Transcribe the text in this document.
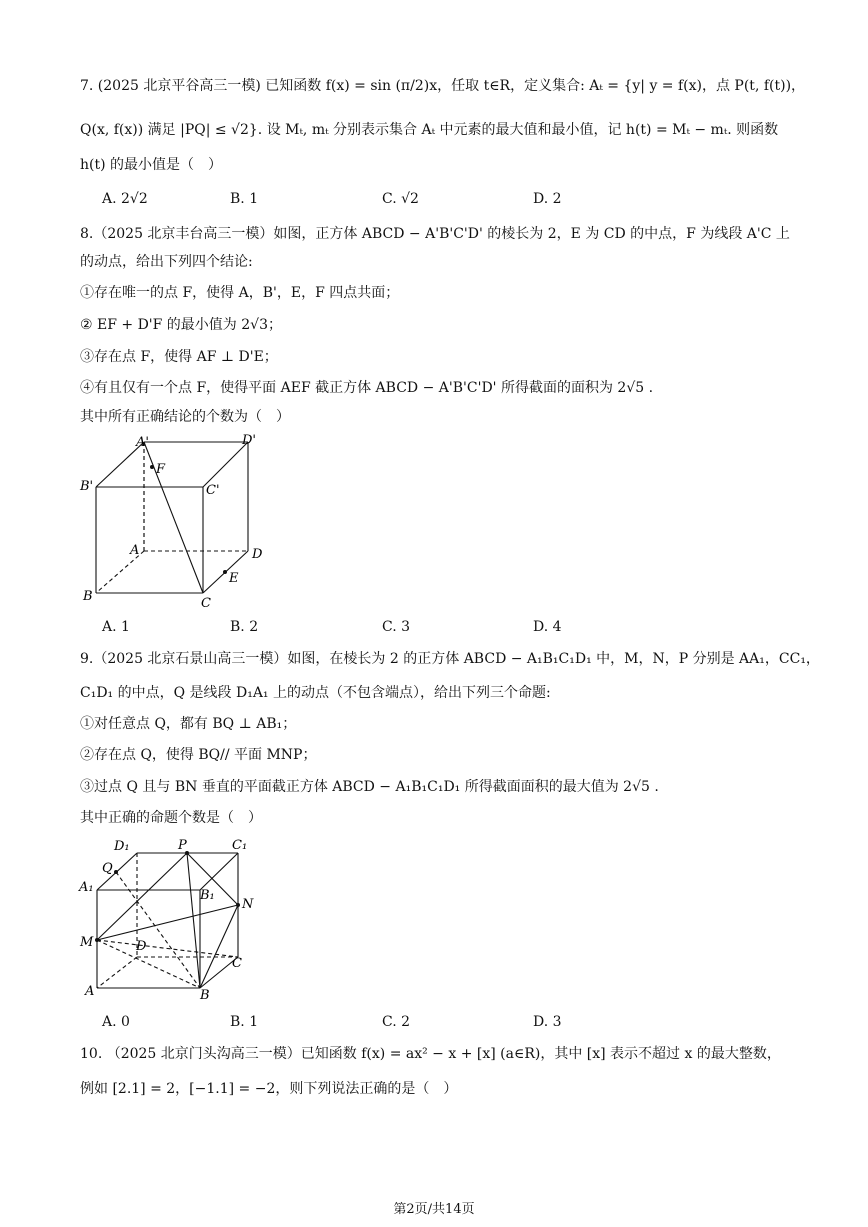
7. (2025 北京平谷高三一模) 已知函数 f(x) = sin (π/2)x，任取 t∈R，定义集合: Aₜ = {y| y = f(x)，点 P(t, f(t))，
Q(x, f(x)) 满足 |PQ| ≤ √2}. 设 Mₜ, mₜ 分别表示集合 Aₜ 中元素的最大值和最小值，记 h(t) = Mₜ − mₜ. 则函数
h(t) 的最小值是（　）
A. 2√2	B. 1	C. √2	D. 2
8.（2025 北京丰台高三一模）如图，正方体 ABCD − A'B'C'D' 的棱长为 2，E 为 CD 的中点，F 为线段 A'C 上
的动点，给出下列四个结论:
①存在唯一的点 F，使得 A，B'，E，F 四点共面；
② EF + D'F 的最小值为 2√3；
③存在点 F，使得 AF ⊥ D'E；
④有且仅有一个点 F，使得平面 AEF 截正方体 ABCD − A'B'C'D' 所得截面的面积为 2√5 .
其中所有正确结论的个数为（　）
A'	D'
B'	C'
A	D
B	C
E
F
A. 1	B. 2	C. 3	D. 4
9.（2025 北京石景山高三一模）如图，在棱长为 2 的正方体 ABCD − A₁B₁C₁D₁ 中，M，N，P 分别是 AA₁，CC₁，
C₁D₁ 的中点，Q 是线段 D₁A₁ 上的动点（不包含端点），给出下列三个命题:
①对任意点 Q，都有 BQ ⊥ AB₁；
②存在点 Q，使得 BQ// 平面 MNP；
③过点 Q 且与 BN 垂直的平面截正方体 ABCD − A₁B₁C₁D₁ 所得截面面积的最大值为 2√5 .
其中正确的命题个数是（　）
D₁	P	C₁
Q
A₁
B₁
N
M	D
C
A	B
A. 0	B. 1	C. 2	D. 3
10. （2025 北京门头沟高三一模）已知函数 f(x) = ax² − x + [x] (a∈R)，其中 [x] 表示不超过 x 的最大整数，
例如 [2.1] = 2，[−1.1] = −2，则下列说法正确的是（　）
第2页/共14页
